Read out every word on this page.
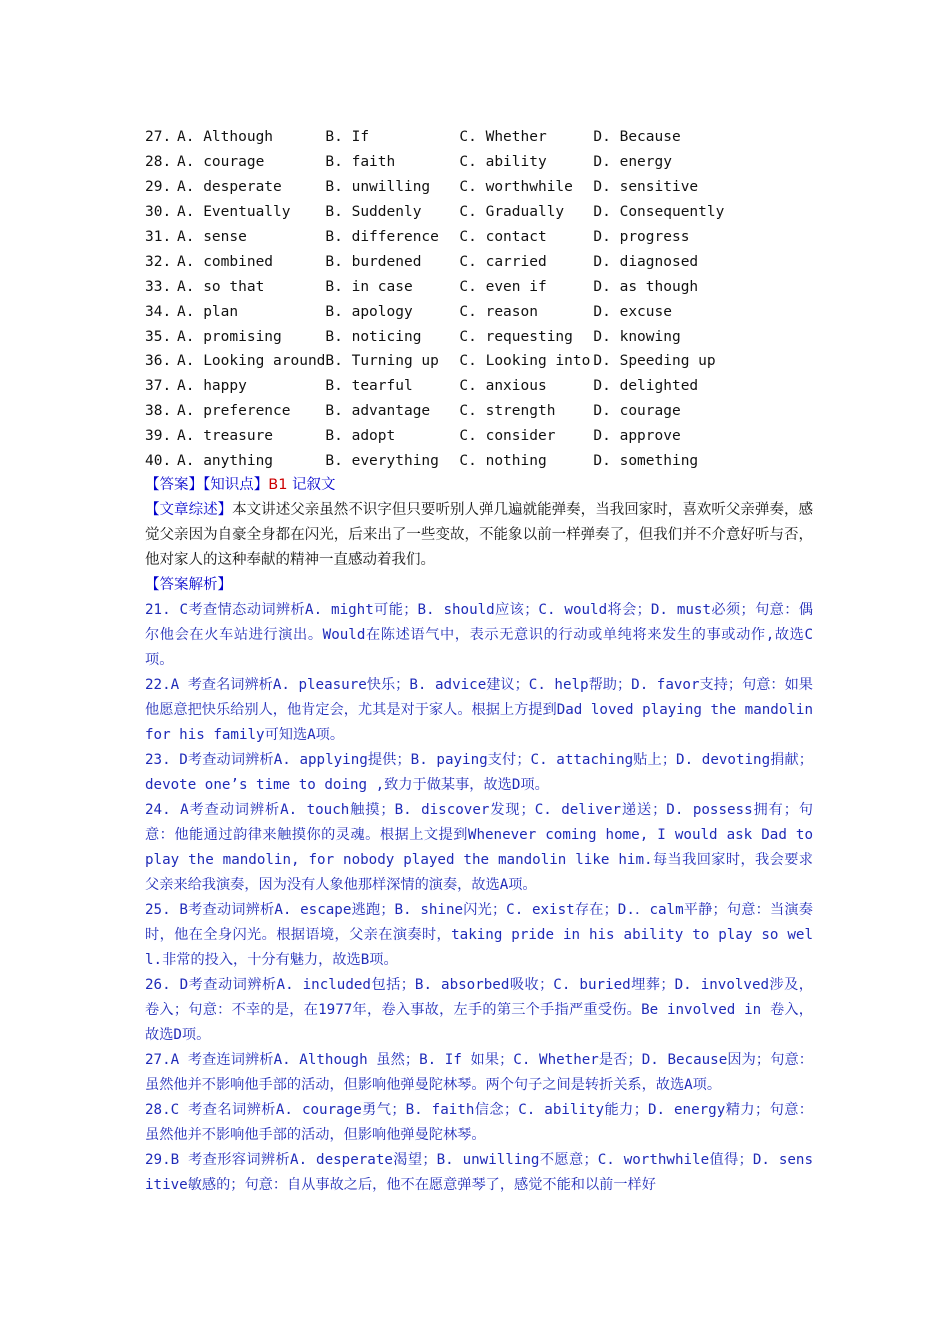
27.	A. Although	B. If	C. Whether	D. Because
28.	A. courage	B. faith	C. ability	D. energy
29.	A. desperate	B. unwilling	C. worthwhile	D. sensitive
30.	A. Eventually	B. Suddenly	C. Gradually	D. Consequently
31.	A. sense	B. difference	C. contact	D. progress
32.	A. combined	B. burdened	C. carried	D. diagnosed
33.	A. so that	B. in case	C. even if	D. as though
34.	A. plan	B. apology	C. reason	D. excuse
35.	A. promising	B. noticing	C. requesting	D. knowing
36.	A. Looking around	B. Turning up	C. Looking into	D. Speeding up
37.	A. happy	B. tearful	C. anxious	D. delighted
38.	A. preference	B. advantage	C. strength	D. courage
39.	A. treasure	B. adopt	C. consider	D. approve
40.	A. anything	B. everything	C. nothing	D. something
【答案】【知识点】B1 记叙文

【文章综述】本文讲述父亲虽然不识字但只要听别人弹几遍就能弹奏，当我回家时，喜欢听父亲弹奏，感觉父亲因为自豪全身都在闪光，后来出了一些变故，不能象以前一样弹奏了，但我们并不介意好听与否，他对家人的这种奉献的精神一直感动着我们。

【答案解析】

21. C考查情态动词辨析A. might可能；B. should应该；C. would将会；D. must必须；句意：偶尔他会在火车站进行演出。Would在陈述语气中，表示无意识的行动或单纯将来发生的事或动作,故选C项。

22.A 考查名词辨析A. pleasure快乐；B. advice建议；C. help帮助；D. favor支持；句意：如果他愿意把快乐给别人，他肯定会，尤其是对于家人。根据上方提到Dad loved playing the mandolin for his family可知选A项。

23. D考查动词辨析A. applying提供；B. paying支付；C. attaching贴上；D. devoting捐献；devote one’s time to doing ,致力于做某事，故选D项。

24. A考查动词辨析A. touch触摸；B. discover发现；C. deliver递送；D. possess拥有；句意：他能通过韵律来触摸你的灵魂。根据上文提到Whenever coming home, I would ask Dad to play the mandolin, for nobody played the mandolin like him.每当我回家时，我会要求父亲来给我演奏，因为没有人象他那样深情的演奏，故选A项。

25. B考查动词辨析A. escape逃跑；B. shine闪光；C. exist存在；D.．calm平静；句意：当演奏时，他在全身闪光。根据语境，父亲在演奏时，taking pride in his ability to play so well.非常的投入，十分有魅力，故选B项。

26. D考查动词辨析A. included包括；B. absorbed吸收；C. buried埋葬；D. involved涉及，卷入；句意：不幸的是，在1977年，卷入事故，左手的第三个手指严重受伤。Be involved in 卷入，故选D项。

27.A 考查连词辨析A. Although 虽然；B. If 如果；C. Whether是否；D. Because因为；句意：虽然他并不影响他手部的活动，但影响他弹曼陀林琴。两个句子之间是转折关系，故选A项。

28.C 考查名词辨析A. courage勇气；B. faith信念；C. ability能力；D. energy精力；句意：虽然他并不影响他手部的活动，但影响他弹曼陀林琴。

29.B 考查形容词辨析A. desperate渴望；B. unwilling不愿意；C. worthwhile值得；D. sensitive敏感的；句意：自从事故之后，他不在愿意弹琴了，感觉不能和以前一样好
